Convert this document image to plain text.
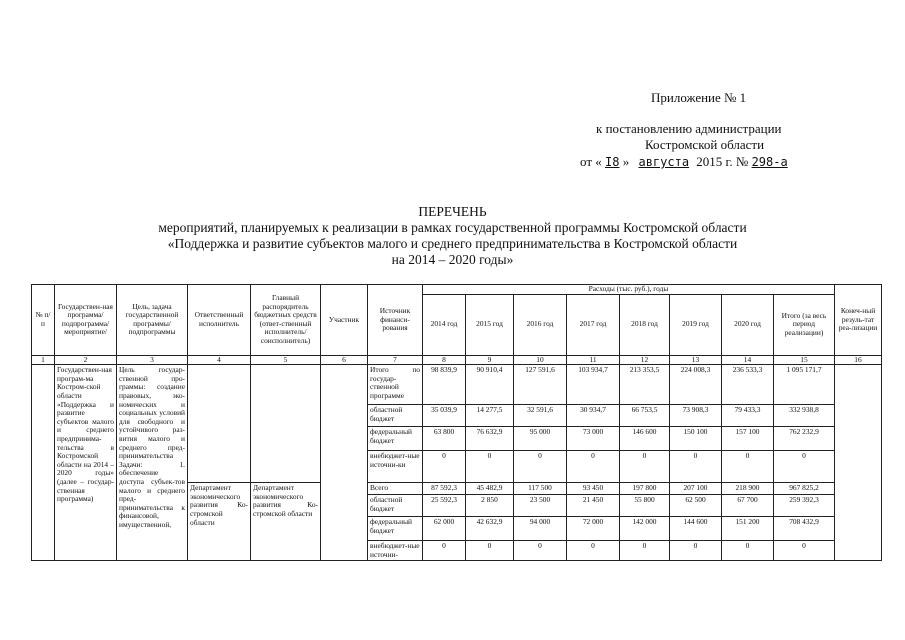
Приложение № 1
к постановлению администрации
Костромской области
от « I8 » августа 2015 г. № 298-а
ПЕРЕЧЕНЬ
мероприятий, планируемых к реализации в рамках государственной программы Костромской области
«Поддержка и развитие субъектов малого и среднего предпринимательства в Костромской области
на 2014 – 2020 годы»
№ п/п	Государствен-ная программа/ подпрограмма/ мероприятие/	Цель, задача государственной программы/ подпрограммы	Ответственный исполнитель	Главный распорядитель бюджетных средств (ответ-ственный исполнитель/ соисполнитель)	Участник	Источник финанси-рования	Расходы (тыс. руб.), годы								Конеч-ный резуль-тат реа-лизации
							2014 год	2015 год	2016 год	2017 год	2018 год	2019 год	2020 год	Итого (за весь период реализации)	
1	2	3	4	5	6	7	8	9	10	11	12	13	14	15	16
	Государствен-ная програм-ма Костром-ской области «Поддержка и развитие субъектов малого и среднего предпринима-тельства в Костромской области на 2014 – 2020 годы» (далее – государ-ственная программа)	Цель государ-ственной про-граммы: создание правовых, эко-номических и социальных условий для свободного и устойчивого раз-вития малого и среднего пред-принимательства Задачи: 1. обеспечение доступа субъек-тов малого и среднего пред-принимательства к финансовой, имущественной,				Итого по государ-ственной программе	98 839,9	90 910,4	127 591,6	103 934,7	213 353,5	224 008,3	236 533,3	1 095 171,7	
						областной бюджет	35 039,9	14 277,5	32 591,6	30 934,7	66 753,5	73 908,3	79 433,3	332 938,8	
						федеральный бюджет	63 800	76 632,9	95 000	73 000	146 600	150 100	157 100	762 232,9	
						внебюджет-ные источни-ки	0	0	0	0	0	0	0	0	
			Департамент экономического развития Ко-стромской области	Департамент экономического развития Ко-стромской области		Всего	87 592,3	45 482,9	117 500	93 450	197 800	207 100	218 900	967 825,2	
						областной бюджет	25 592,3	2 850	23 500	21 450	55 800	62 500	67 700	259 392,3	
						федеральный бюджет	62 000	42 632,9	94 000	72 000	142 000	144 600	151 200	708 432,9	
						внебюджет-ные источни-	0	0	0	0	0	0	0	0	
